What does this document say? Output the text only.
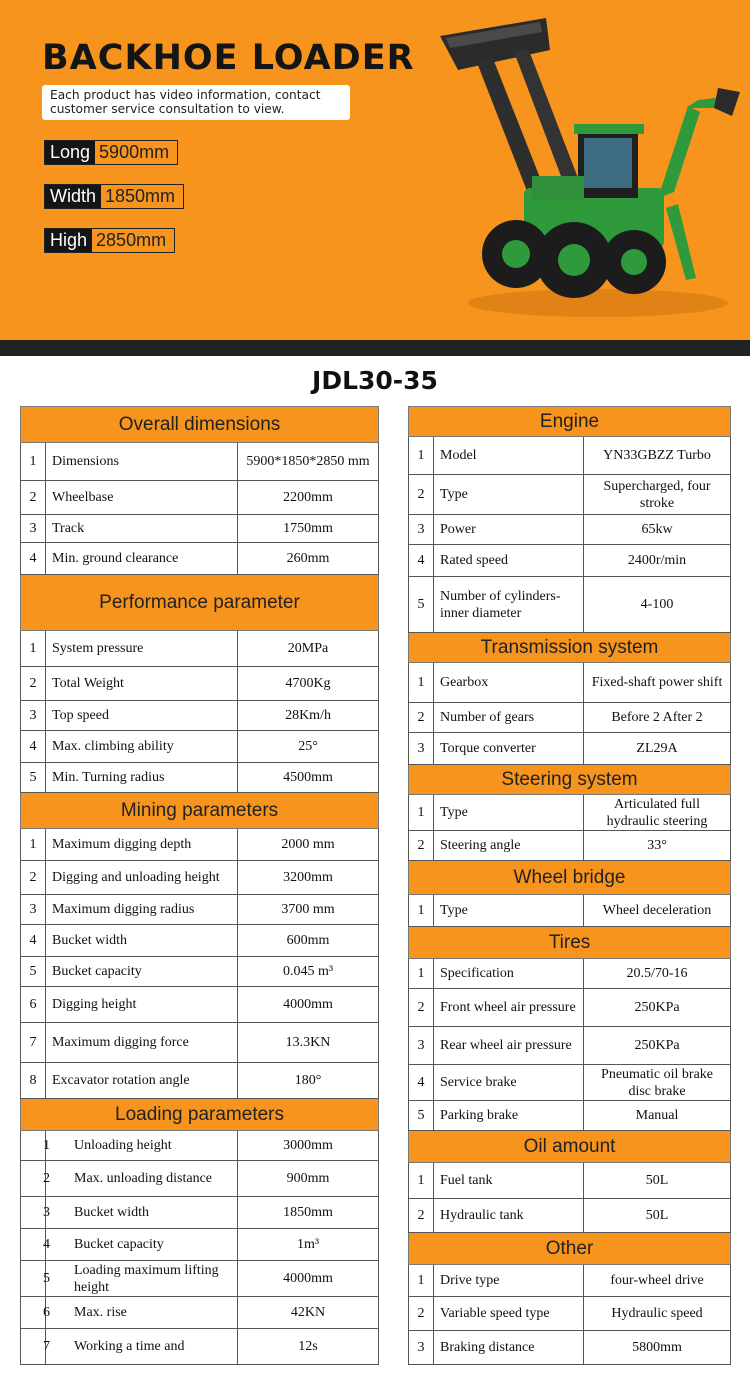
BACKHOE LOADER
Each product has video information, contact customer service consultation to view.
Long 5900mm
Width 1850mm
High 2850mm
JDL30-35
Overall dimensions		
1	Dimensions	5900*1850*2850 mm
2	Wheelbase	2200mm
3	Track	1750mm
4	Min. ground clearance	260mm
Performance parameter		
1	System pressure	20MPa
2	Total Weight	4700Kg
3	Top speed	28Km/h
4	Max. climbing ability	25°
5	Min. Turning radius	4500mm
Mining parameters		
1	Maximum digging depth	2000 mm
2	Digging and unloading height	3200mm
3	Maximum digging radius	3700 mm
4	Bucket width	600mm
5	Bucket capacity	0.045 m³
6	Digging height	4000mm
7	Maximum digging force	13.3KN
8	Excavator rotation angle	180°
Loading parameters		
1	Unloading height	3000mm
2	Max. unloading distance	900mm
3	Bucket width	1850mm
4	Bucket capacity	1m³
5	Loading maximum lifting height	4000mm
6	Max. rise	42KN
7	Working a time and	12s
Engine		
1	Model	YN33GBZZ Turbo
2	Type	Supercharged, four stroke
3	Power	65kw
4	Rated speed	2400r/min
5	Number of cylinders-inner diameter	4-100
Transmission system		
1	Gearbox	Fixed-shaft power shift
2	Number of gears	Before 2 After 2
3	Torque converter	ZL29A
Steering system		
1	Type	Articulated full hydraulic steering
2	Steering angle	33°
Wheel bridge		
1	Type	Wheel deceleration
Tires		
1	Specification	20.5/70-16
2	Front wheel air pressure	250KPa
3	Rear wheel air pressure	250KPa
4	Service brake	Pneumatic oil brake disc brake
5	Parking brake	Manual
Oil amount		
1	Fuel tank	50L
2	Hydraulic tank	50L
Other		
1	Drive type	four-wheel drive
2	Variable speed type	Hydraulic speed
3	Braking distance	5800mm
